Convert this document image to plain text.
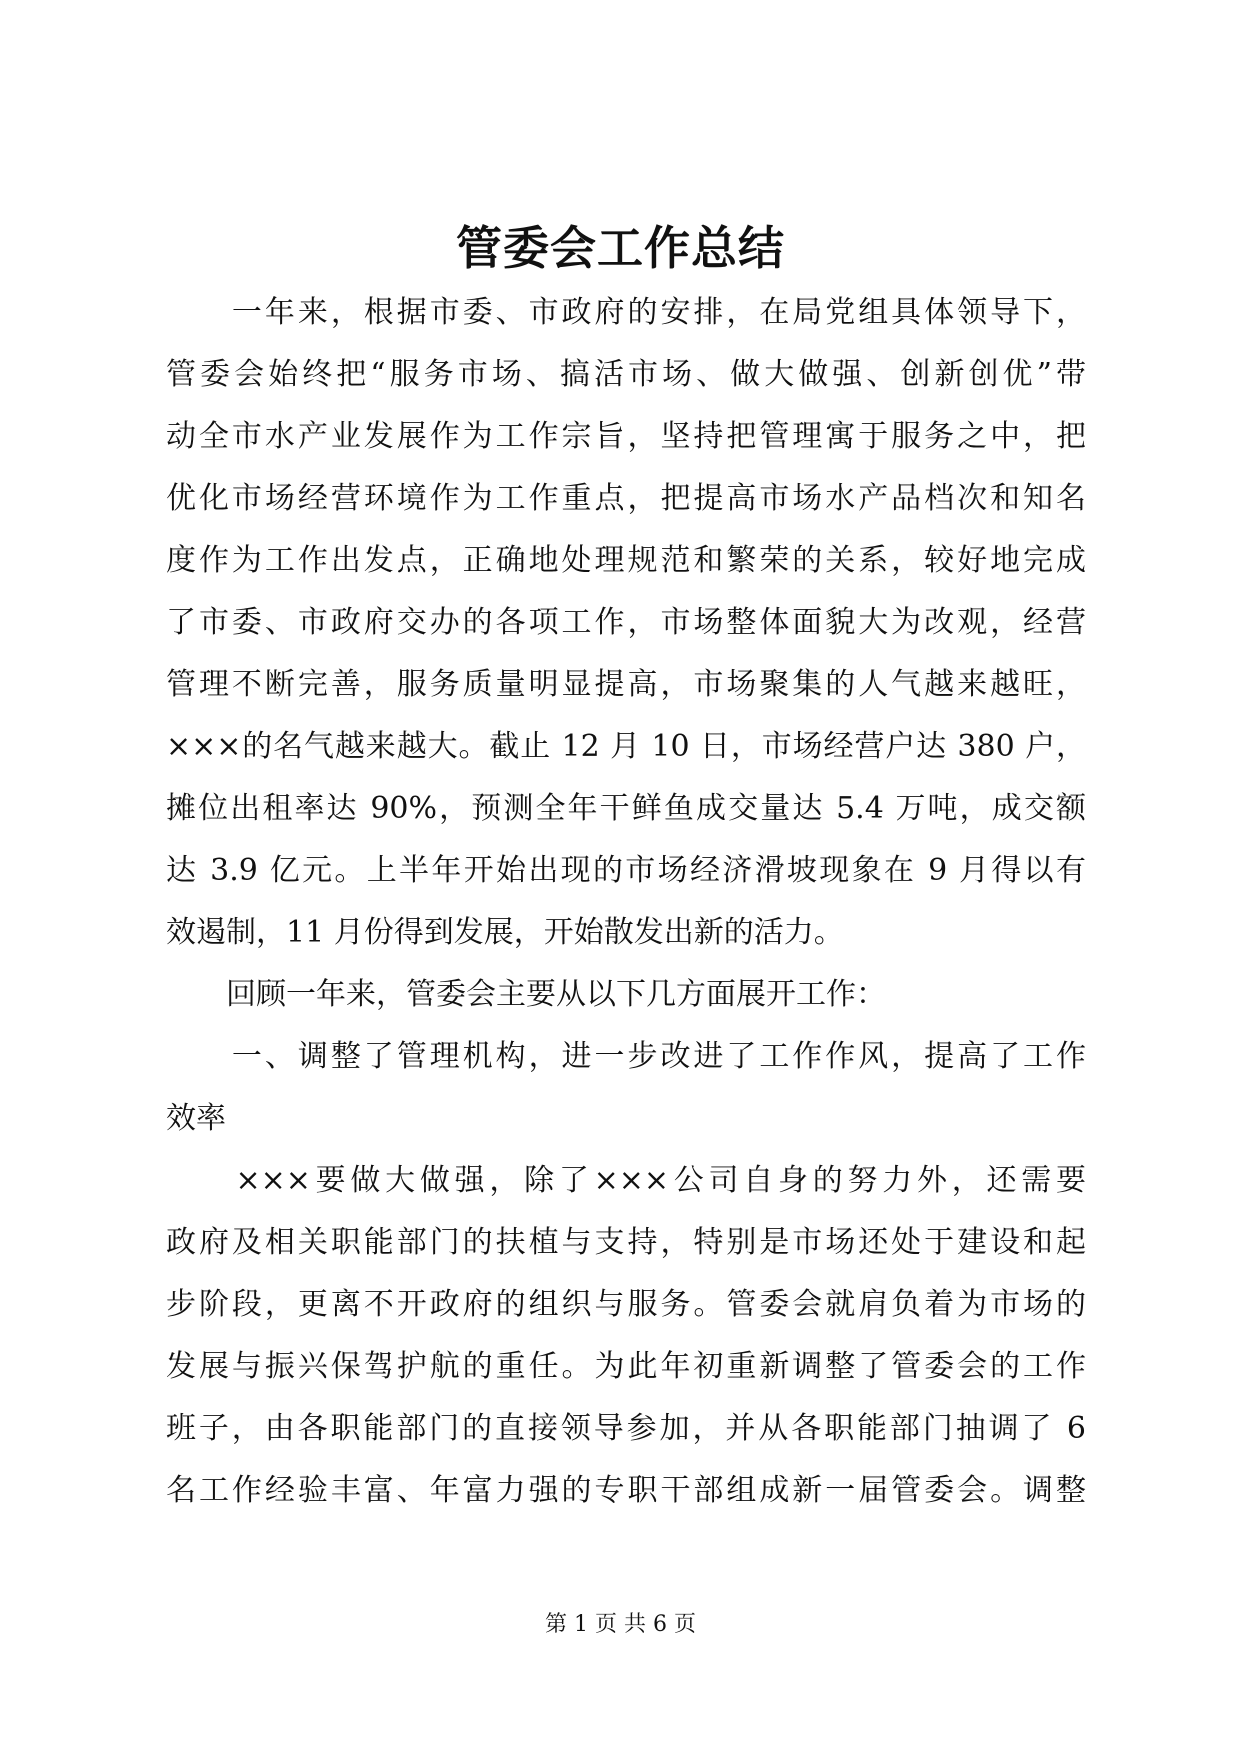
管委会工作总结
　　一年来，根据市委、市政府的安排，在局党组具体领导下，
管委会始终把“服务市场、搞活市场、做大做强、创新创优”带
动全市水产业发展作为工作宗旨，坚持把管理寓于服务之中，把
优化市场经营环境作为工作重点，把提高市场水产品档次和知名
度作为工作出发点，正确地处理规范和繁荣的关系，较好地完成
了市委、市政府交办的各项工作，市场整体面貌大为改观，经营
管理不断完善，服务质量明显提高，市场聚集的人气越来越旺，
×××的名气越来越大。截止 12 月 10 日，市场经营户达 380 户，
摊位出租率达 90%，预测全年干鲜鱼成交量达 5.4 万吨，成交额
达 3.9 亿元。上半年开始出现的市场经济滑坡现象在 9 月得以有
效遏制，11 月份得到发展，开始散发出新的活力。
　　回顾一年来，管委会主要从以下几方面展开工作：
　　一、调整了管理机构，进一步改进了工作作风，提高了工作
效率
　　×××要做大做强，除了×××公司自身的努力外，还需要
政府及相关职能部门的扶植与支持，特别是市场还处于建设和起
步阶段，更离不开政府的组织与服务。管委会就肩负着为市场的
发展与振兴保驾护航的重任。为此年初重新调整了管委会的工作
班子，由各职能部门的直接领导参加，并从各职能部门抽调了 6
名工作经验丰富、年富力强的专职干部组成新一届管委会。调整
第 1 页 共 6 页
